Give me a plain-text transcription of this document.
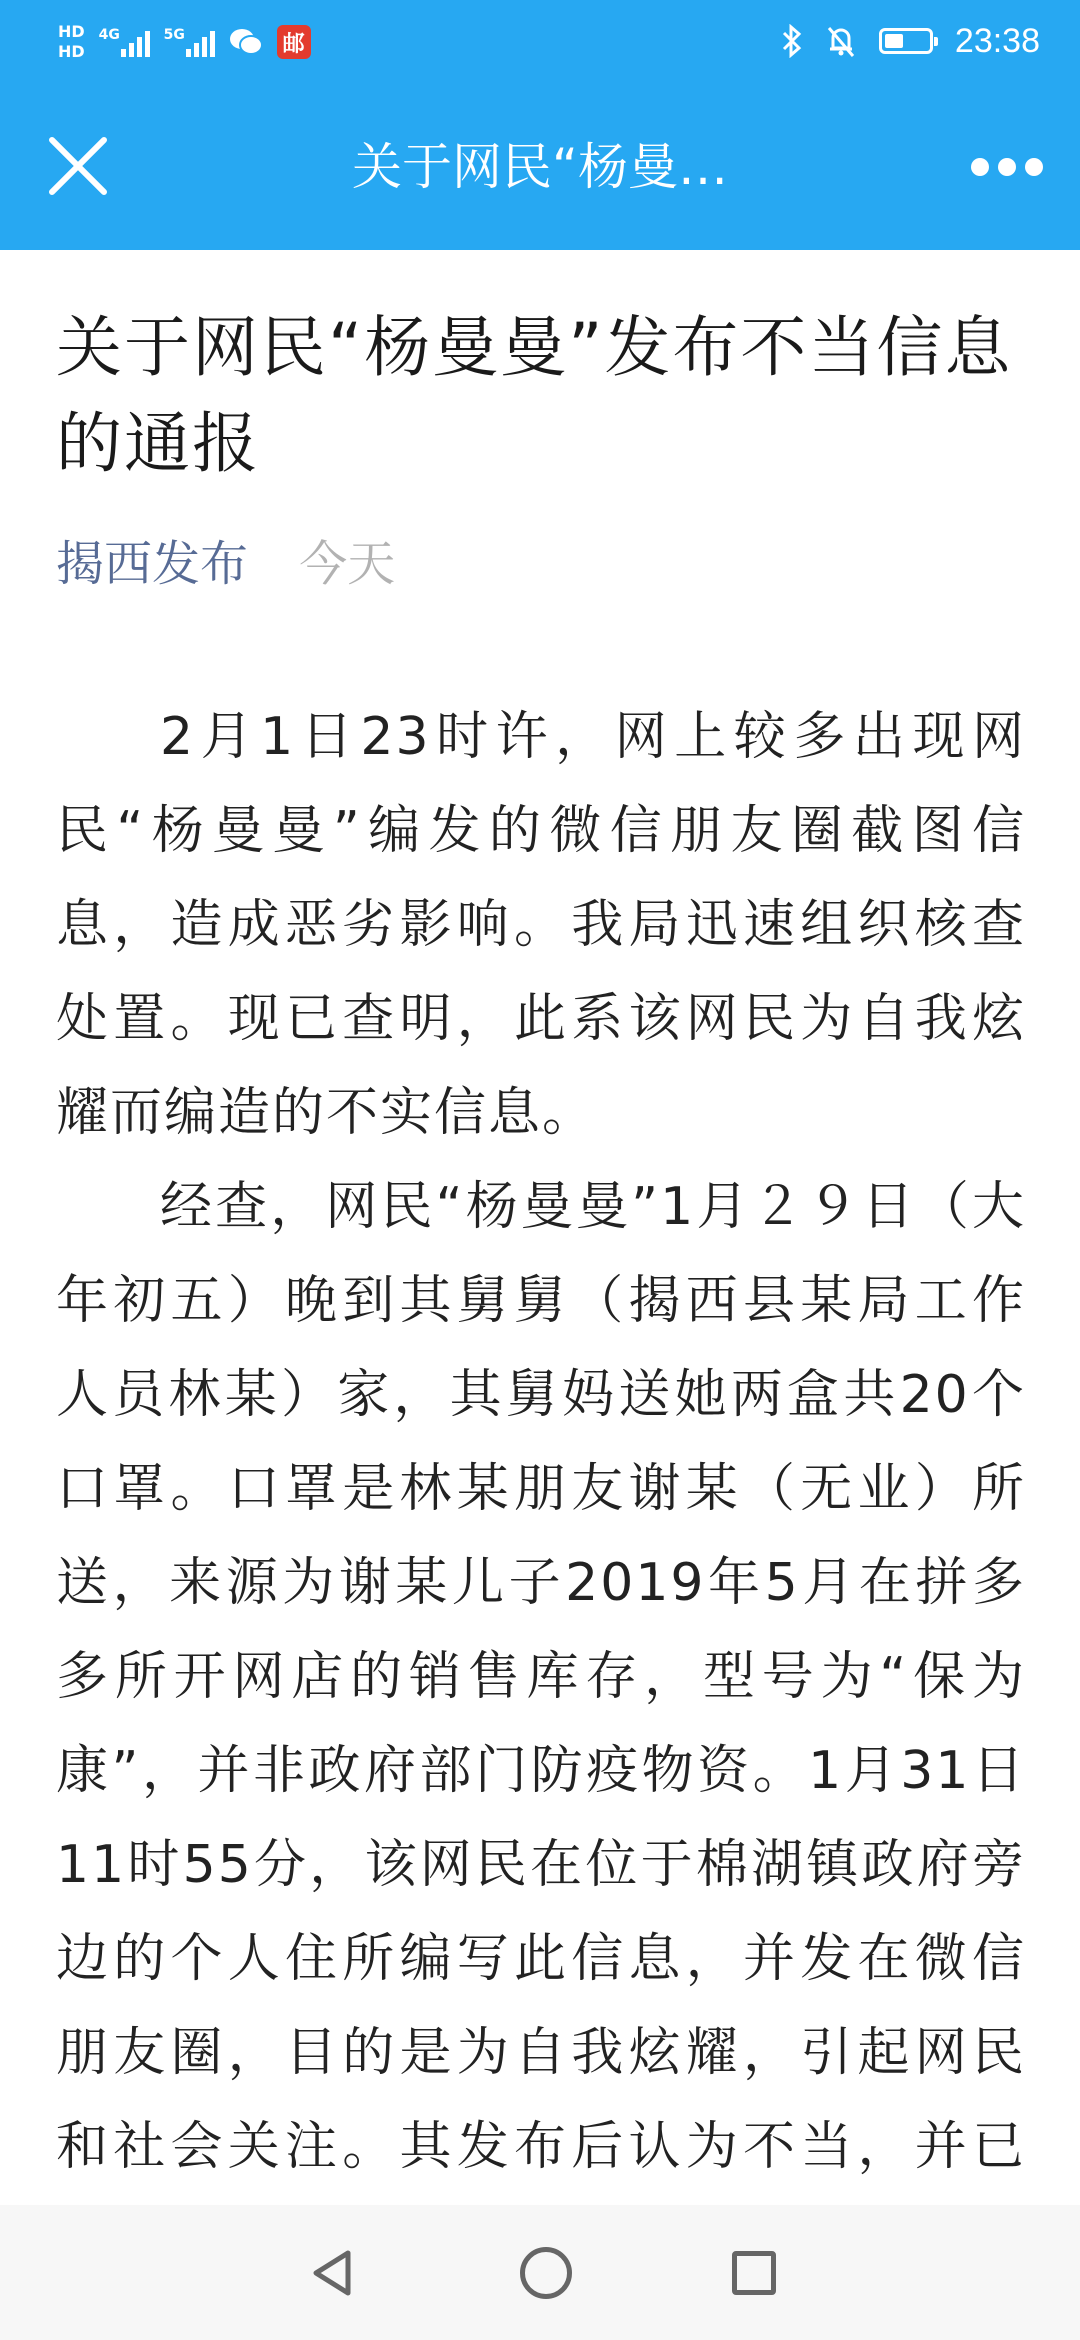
HD
HD
4G	5G	邮	23:38
关于网民“杨曼…
关于网民“杨曼曼”发布不当信息的通报
揭西发布 今天

2月1日23时许，网上较多出现网民“杨曼曼”编发的微信朋友圈截图信息，造成恶劣影响。我局迅速组织核查处置。现已查明，此系该网民为自我炫耀而编造的不实信息。

经查，网民“杨曼曼”1月２９日（大年初五）晚到其舅舅（揭西县某局工作人员林某）家，其舅妈送她两盒共20个口罩。口罩是林某朋友谢某（无业）所送，来源为谢某儿子2019年5月在拼多多所开网店的销售库存，型号为“保为康”，并非政府部门防疫物资。1月31日11时55分，该网民在位于棉湖镇政府旁边的个人住所编写此信息，并发在微信朋友圈，目的是为自我炫耀，引起网民和社会关注。其发布后认为不当，并已
